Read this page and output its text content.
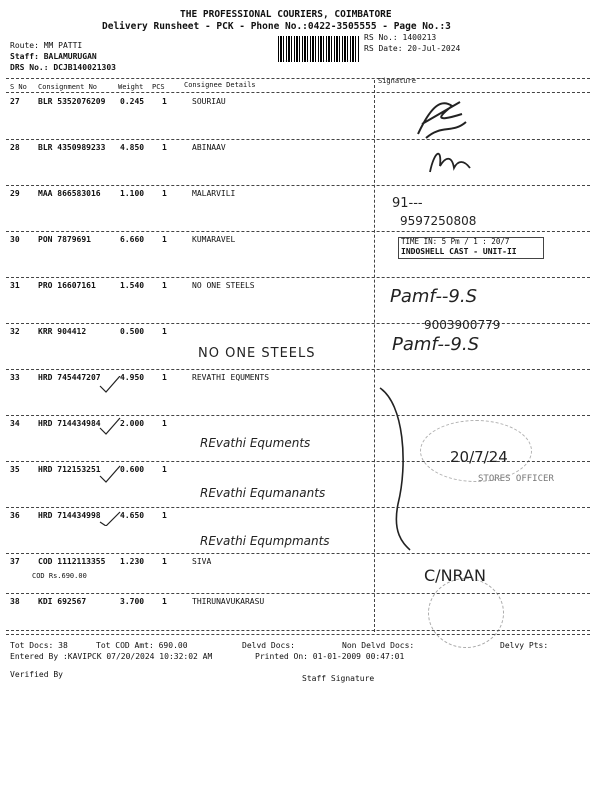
THE PROFESSIONAL COURIERS, COIMBATORE
Delivery Runsheet - PCK - Phone No.:0422-3505555 - Page No.:3
Route: MM PATTI
Staff: BALAMURUGAN
DRS No.: DCJB140021303
RS No.: 1400213
RS Date: 20-Jul-2024
S No Consignment No	Weight PCS	Consignee Details	Signature
27 BLR 5352076209 0.245 1	SOURIAU
28 BLR 4350989233 4.850 1	ABINAAV
29 MAA 866583016 1.100 1	MALARVILI
30 PON 7879691	6.660 1	KUMARAVEL
31 PRO 16607161	1.540 1	NO ONE STEELS
32 KRR 904412	0.500 1
33 HRD 745447207 4.950 1	REVATHI EQUMENTS
34 HRD 714434984 2.000 1
35 HRD 712153251 0.600 1
36 HRD 714434998 4.650 1
37 COD 1112113355 1.230 1	SIVA
COD Rs.690.00
38 KDI 692567	3.700 1	THIRUNAVUKARASU
91---
9597250808
TIME IN: 5 Pm / 1 : 20/7
INDOSHELL CAST - UNIT-II
Pamf--9.S
NO ONE STEELS
9003900779
Pamf--9.S
REvathi Equments
REvathi Equmanants
REvathi Equmpmants
20/7/24
STORES OFFICER
C/NRAN
Tot Docs: 38	Tot COD Amt: 690.00	Delvd Docs:	Non Delvd Docs:	Delvy Pts:
Entered By :KAVIPCK 07/20/2024 10:32:02 AM	Printed On: 01-01-2009 00:47:01
Verified By	Staff Signature
